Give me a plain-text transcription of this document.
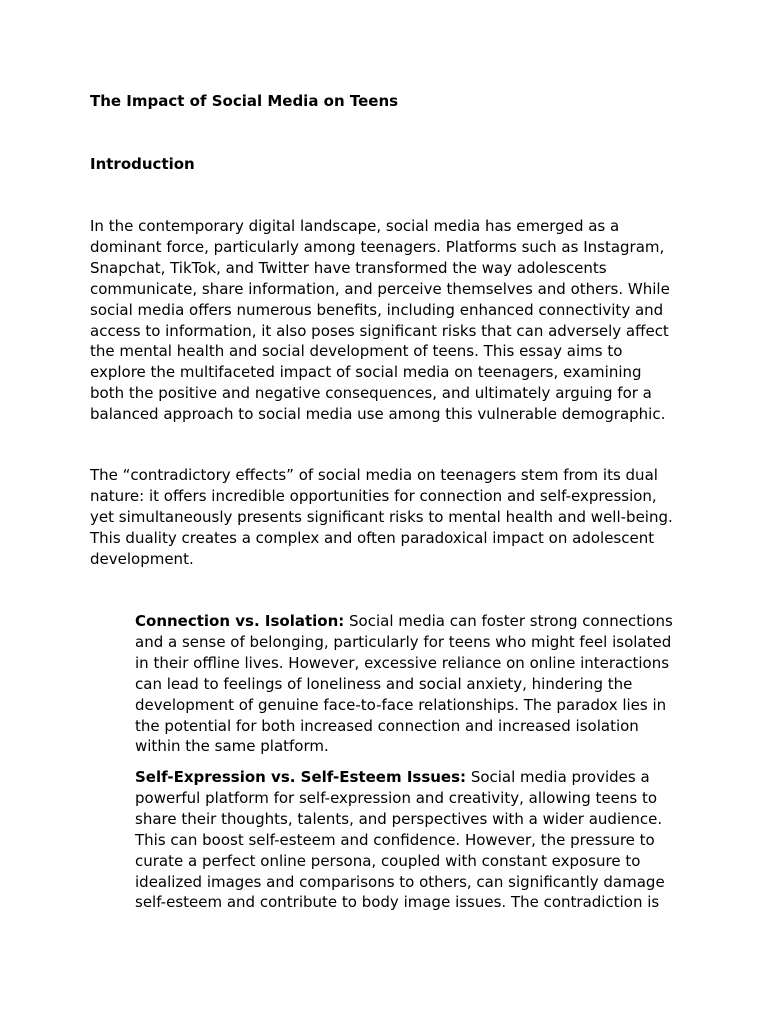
The Impact of Social Media on Teens
Introduction
In the contemporary digital landscape, social media has emerged as a
dominant force, particularly among teenagers. Platforms such as Instagram,
Snapchat, TikTok, and Twitter have transformed the way adolescents
communicate, share information, and perceive themselves and others. While
social media offers numerous benefits, including enhanced connectivity and
access to information, it also poses significant risks that can adversely affect
the mental health and social development of teens. This essay aims to
explore the multifaceted impact of social media on teenagers, examining
both the positive and negative consequences, and ultimately arguing for a
balanced approach to social media use among this vulnerable demographic.
The “contradictory effects” of social media on teenagers stem from its dual
nature: it offers incredible opportunities for connection and self-expression,
yet simultaneously presents significant risks to mental health and well-being.
This duality creates a complex and often paradoxical impact on adolescent
development.
Connection vs. Isolation: Social media can foster strong connections
and a sense of belonging, particularly for teens who might feel isolated
in their offline lives. However, excessive reliance on online interactions
can lead to feelings of loneliness and social anxiety, hindering the
development of genuine face-to-face relationships. The paradox lies in
the potential for both increased connection and increased isolation
within the same platform.
Self-Expression vs. Self-Esteem Issues: Social media provides a
powerful platform for self-expression and creativity, allowing teens to
share their thoughts, talents, and perspectives with a wider audience.
This can boost self-esteem and confidence. However, the pressure to
curate a perfect online persona, coupled with constant exposure to
idealized images and comparisons to others, can significantly damage
self-esteem and contribute to body image issues. The contradiction is
